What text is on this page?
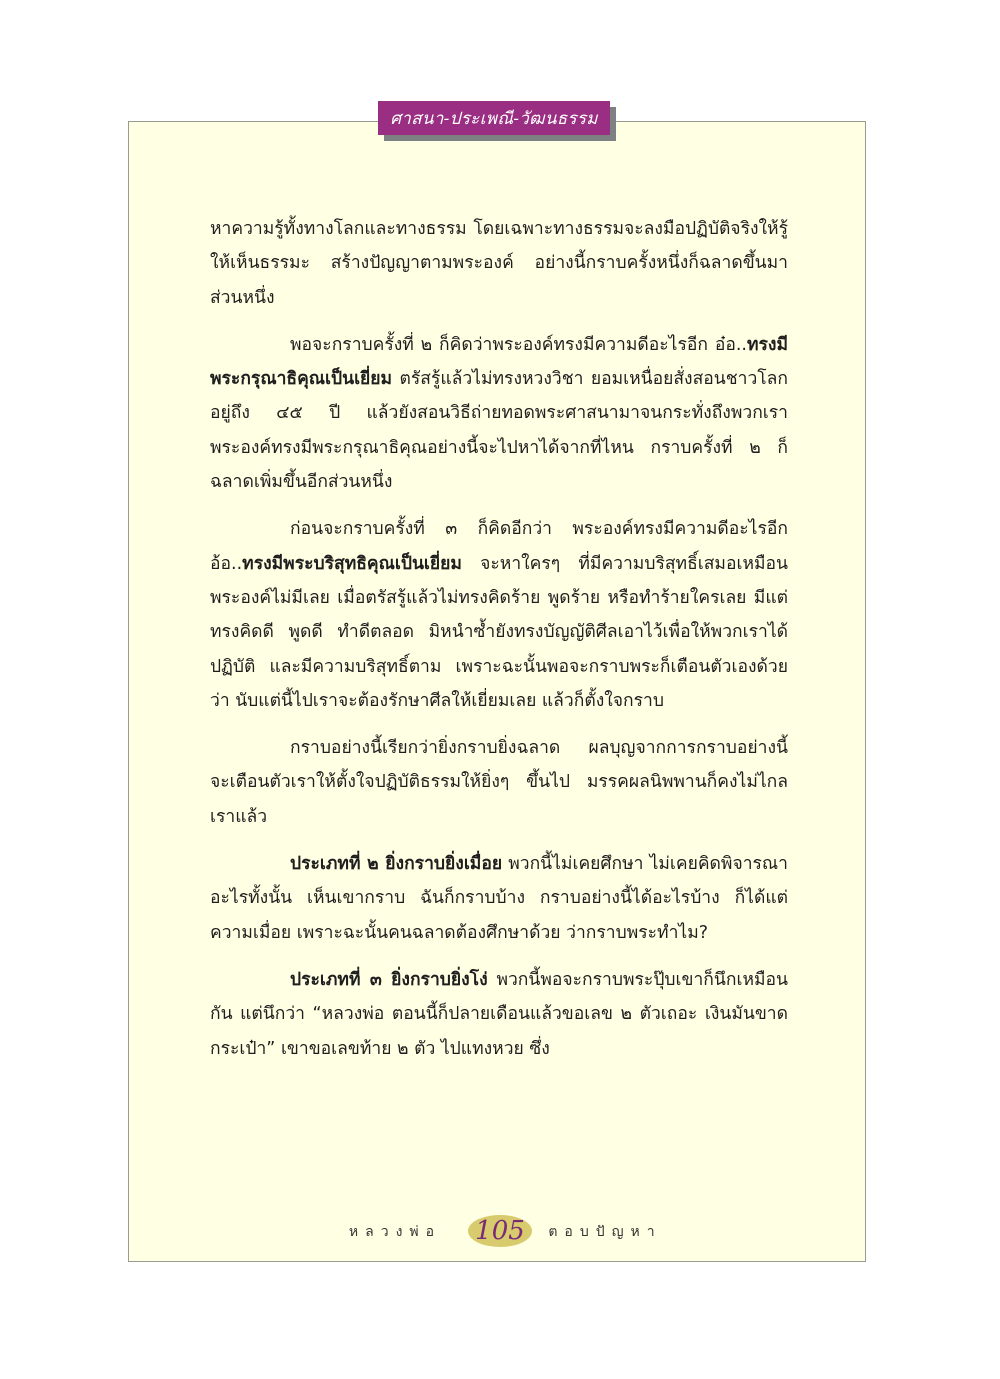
ศาสนา-ประเพณี-วัฒนธรรม

หาความรู้ทั้งทางโลกและทางธรรม โดยเฉพาะทางธรรมจะลงมือปฏิบัติจริงให้รู้ ให้เห็นธรรมะ สร้างปัญญาตามพระองค์ อย่างนี้กราบครั้งหนึ่งก็ฉลาดขึ้นมาส่วนหนึ่ง

พอจะกราบครั้งที่ ๒ ก็คิดว่าพระองค์ทรงมีความดีอะไรอีก อ๋อ..ทรงมีพระกรุณาธิคุณเป็นเยี่ยม ตรัสรู้แล้วไม่ทรงหวงวิชา ยอมเหนื่อยสั่งสอนชาวโลกอยู่ถึง ๔๕ ปี แล้วยังสอนวิธีถ่ายทอดพระศาสนามาจนกระทั่งถึงพวกเรา พระองค์ทรงมีพระกรุณาธิคุณอย่างนี้จะไปหาได้จากที่ไหน กราบครั้งที่ ๒ ก็ฉลาดเพิ่มขึ้นอีกส่วนหนึ่ง

ก่อนจะกราบครั้งที่ ๓ ก็คิดอีกว่า พระองค์ทรงมีความดีอะไรอีก อ้อ..ทรงมีพระบริสุทธิคุณเป็นเยี่ยม จะหาใครๆ ที่มีความบริสุทธิ์เสมอเหมือนพระองค์ไม่มีเลย เมื่อตรัสรู้แล้วไม่ทรงคิดร้าย พูดร้าย หรือทำร้ายใครเลย มีแต่ทรงคิดดี พูดดี ทำดีตลอด มิหนำซ้ำยังทรงบัญญัติศีลเอาไว้เพื่อให้พวกเราได้ปฏิบัติ และมีความบริสุทธิ์ตาม เพราะฉะนั้นพอจะกราบพระก็เตือนตัวเองด้วยว่า นับแต่นี้ไปเราจะต้องรักษาศีลให้เยี่ยมเลย แล้วก็ตั้งใจกราบ

กราบอย่างนี้เรียกว่ายิ่งกราบยิ่งฉลาด ผลบุญจากการกราบอย่างนี้ จะเตือนตัวเราให้ตั้งใจปฏิบัติธรรมให้ยิ่งๆ ขึ้นไป มรรคผลนิพพานก็คงไม่ไกลเราแล้ว

ประเภทที่ ๒ ยิ่งกราบยิ่งเมื่อย พวกนี้ไม่เคยศึกษา ไม่เคยคิดพิจารณาอะไรทั้งนั้น เห็นเขากราบ ฉันก็กราบบ้าง กราบอย่างนี้ได้อะไรบ้าง ก็ได้แต่ความเมื่อย เพราะฉะนั้นคนฉลาดต้องศึกษาด้วย ว่ากราบพระทำไม?

ประเภทที่ ๓ ยิ่งกราบยิ่งโง่ พวกนี้พอจะกราบพระปุ๊บเขาก็นึกเหมือนกัน แต่นึกว่า “หลวงพ่อ ตอนนี้ก็ปลายเดือนแล้วขอเลข ๒ ตัวเถอะ เงินมันขาดกระเป๋า” เขาขอเลขท้าย ๒ ตัว ไปแทงหวย ซึ่ง

หลวงพ่อ	105	ตอบปัญหา
